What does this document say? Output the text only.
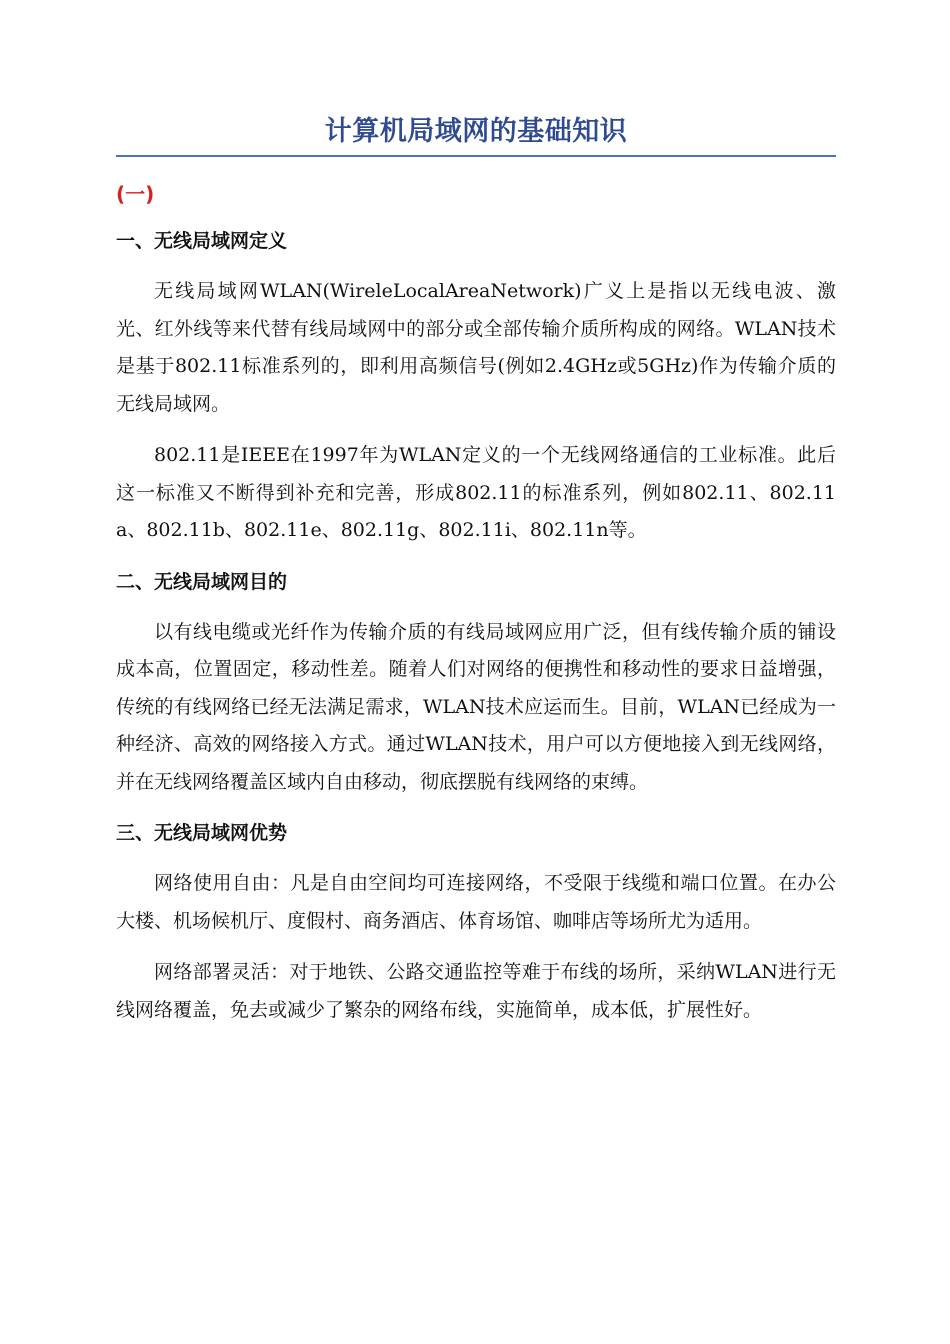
计算机局域网的基础知识
(一)
一、无线局域网定义

无线局域网WLAN(WireleLocalAreaNetwork)广义上是指以无线电波、激光、红外线等来代替有线局域网中的部分或全部传输介质所构成的网络。WLAN技术是基于802.11标准系列的，即利用高频信号(例如2.4GHz或5GHz)作为传输介质的无线局域网。

802.11是IEEE在1997年为WLAN定义的一个无线网络通信的工业标准。此后这一标准又不断得到补充和完善，形成802.11的标准系列，例如802.11、802.11a、802.11b、802.11e、802.11g、802.11i、802.11n等。

二、无线局域网目的

以有线电缆或光纤作为传输介质的有线局域网应用广泛，但有线传输介质的铺设成本高，位置固定，移动性差。随着人们对网络的便携性和移动性的要求日益增强，传统的有线网络已经无法满足需求，WLAN技术应运而生。目前，WLAN已经成为一种经济、高效的网络接入方式。通过WLAN技术，用户可以方便地接入到无线网络，并在无线网络覆盖区域内自由移动，彻底摆脱有线网络的束缚。

三、无线局域网优势

网络使用自由：凡是自由空间均可连接网络，不受限于线缆和端口位置。在办公大楼、机场候机厅、度假村、商务酒店、体育场馆、咖啡店等场所尤为适用。

网络部署灵活：对于地铁、公路交通监控等难于布线的场所，采纳WLAN进行无线网络覆盖，免去或减少了繁杂的网络布线，实施简单，成本低，扩展性好。
